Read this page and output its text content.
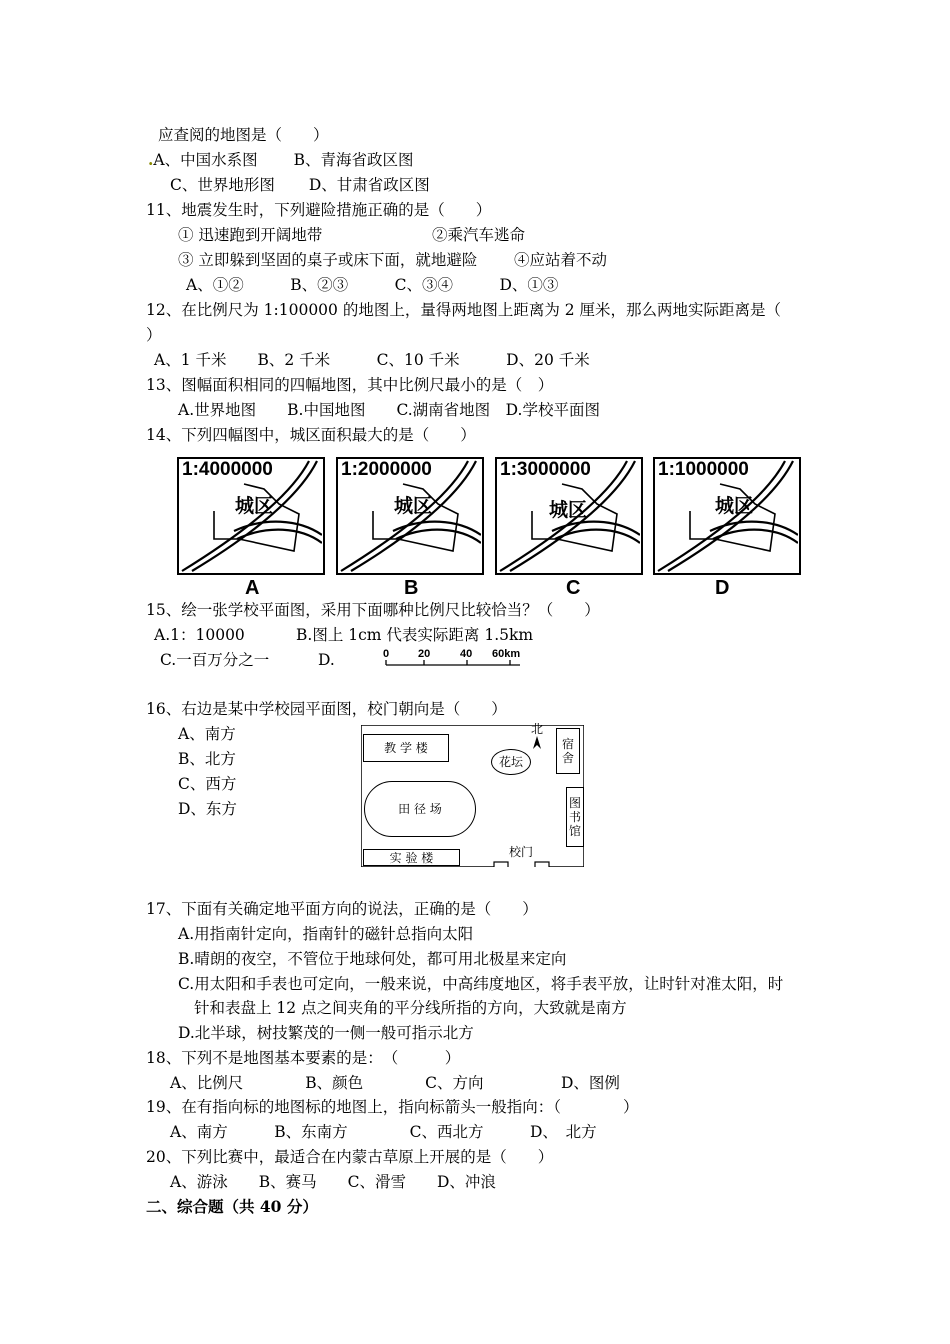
应查阅的地图是（　　）
.A、中国水系图 B、青海省政区图
C、世界地形图 D、甘肃省政区图
11、地震发生时，下列避险措施正确的是（　　）
① 迅速跑到开阔地带	②乘汽车逃命
③ 立即躲到坚固的桌子或床下面，就地避险 ④应站着不动
A、①②　　　B、②③　　　C、③④　　　D、①③
12、在比例尺为 1:100000 的地图上，量得两地图上距离为 2 厘米，那么两地实际距离是（
）
A、1 千米　　B、2 千米　　　C、10 千米　　　D、20 千米
13、图幅面积相同的四幅地图，其中比例尺最小的是（　）
A.世界地图　　B.中国地图　　C.湖南省地图　D.学校平面图
14、下列四幅图中，城区面积最大的是（　　）
1:4000000
城区
1:2000000
城区
1:3000000
城区
1:1000000
城区
A	B	C	D
15、绘一张学校平面图，采用下面哪种比例尺比较恰当？（　　）
A.1：10000	B.图上 1cm 代表实际距离 1.5km
C.一百万分之一	D.	0	20	40 60km
16、右边是某中学校园平面图，校门朝向是（　　）
A、南方
B、北方
C、西方
D、东方
教 学 楼	宿舍
花坛
北
田 径 场	图书馆
实 验 楼	校门
17、下面有关确定地平面方向的说法，正确的是（　　）
A.用指南针定向，指南针的磁针总指向太阳
B.晴朗的夜空，不管位于地球何处，都可用北极星来定向
C.用太阳和手表也可定向，一般来说，中高纬度地区，将手表平放，让时针对准太阳，时
针和表盘上 12 点之间夹角的平分线所指的方向，大致就是南方
D.北半球，树技繁茂的一侧一般可指示北方
18、下列不是地图基本要素的是：　（　　　）
A、比例尺　　　　B、颜色　　　　C、方向　　　　　D、图例
19、在有指向标的地图标的地图上，指向标箭头一般指向：（　　　　）
A、南方　　　B、东南方　　　　C、西北方　　　D、　北方
20、下列比赛中，最适合在内蒙古草原上开展的是（　　）
A、游泳　　B、赛马　　C、滑雪　　D、冲浪
二、综合题（共 40 分）
